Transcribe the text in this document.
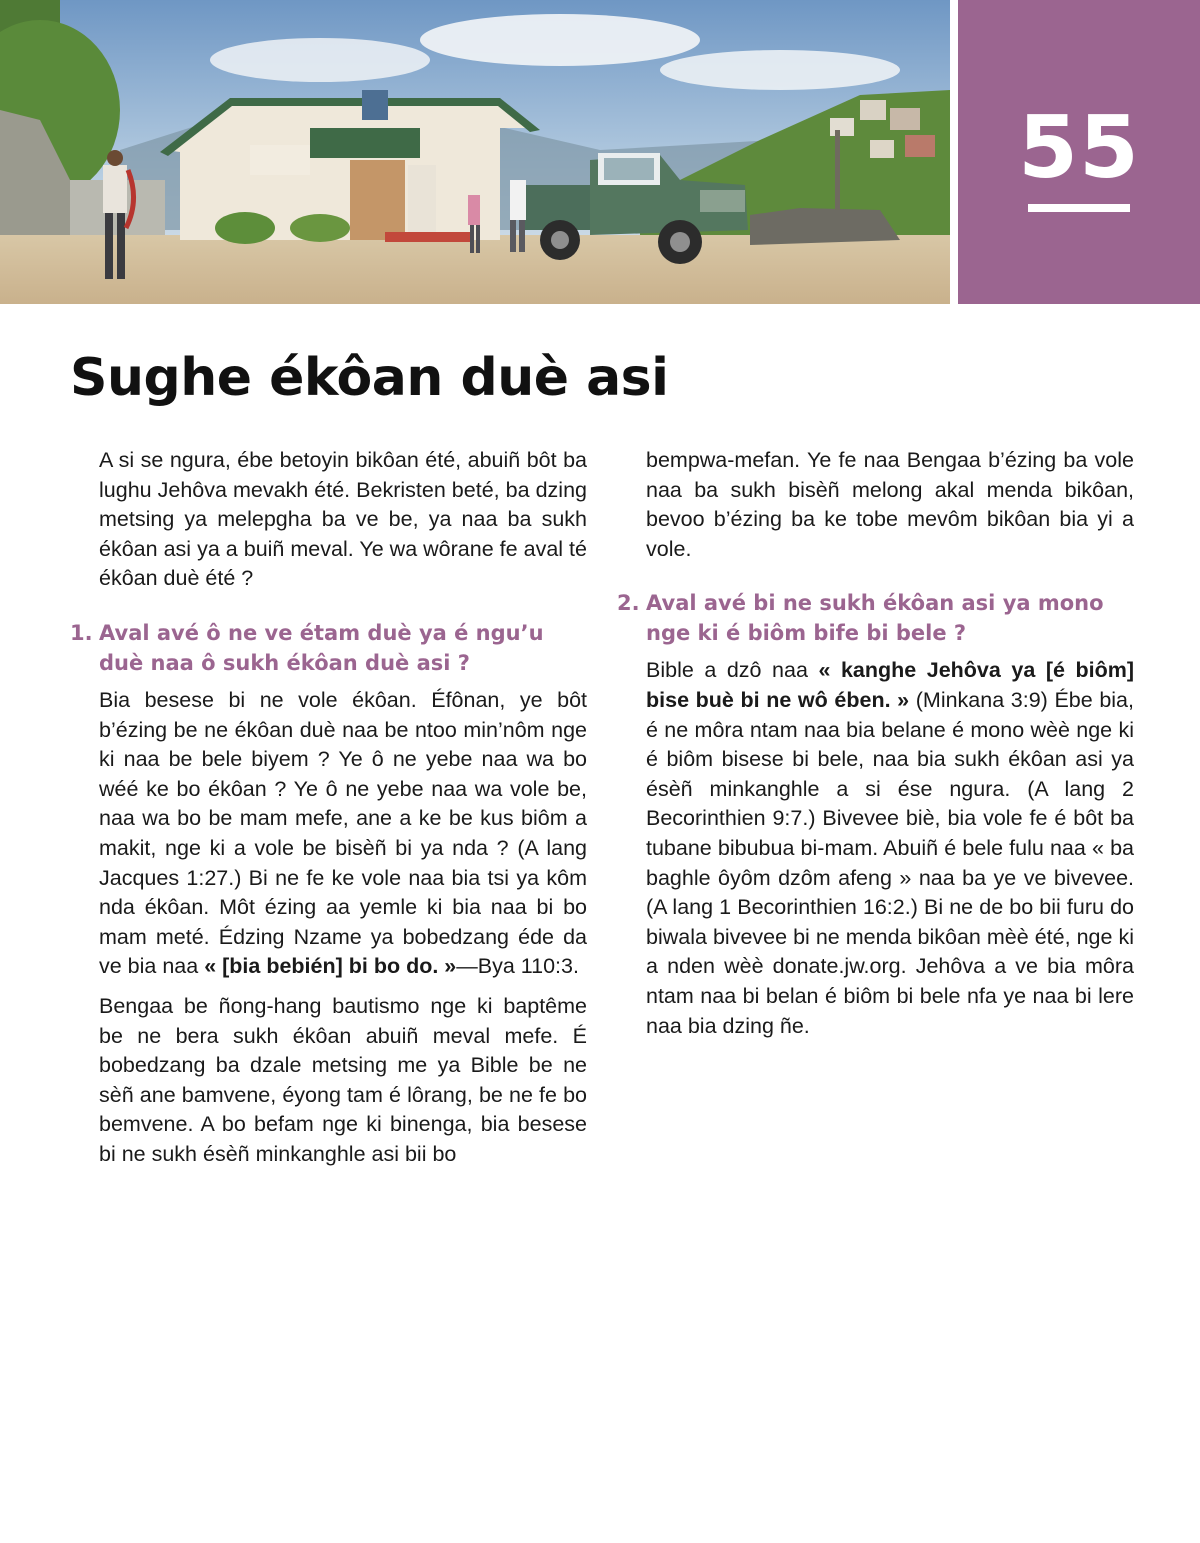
55
Sughe ékôan duè asi

A si se ngura, ébe betoyin bikôan été, abuiñ bôt ba lughu Jehôva mevakh été. Bekristen beté, ba dzing metsing ya melepgha ba ve be, ya naa ba sukh ékôan asi ya a buiñ meval. Ye wa wôrane fe aval té ékôan duè été ?

1. Aval avé ô ne ve étam duè ya é ngu’u duè naa ô sukh ékôan duè asi ?

Bia besese bi ne vole ékôan. Éfônan, ye bôt b’ézing be ne ékôan duè naa be ntoo min’nôm nge ki naa be bele biyem ? Ye ô ne yebe naa wa bo wéé ke bo ékôan ? Ye ô ne yebe naa wa vole be, naa wa bo be mam mefe, ane a ke be kus biôm a makit, nge ki a vole be bisèñ bi ya nda ? (A lang Jacques 1:27.) Bi ne fe ke vole naa bia tsi ya kôm nda ékôan. Môt ézing aa yemle ki bia naa bi bo mam meté. Édzing Nzame ya bobedzang éde da ve bia naa « [bia bebién] bi bo do. »—Bya 110:3.

Bengaa be ñong-hang bautismo nge ki baptême be ne bera sukh ékôan abuiñ meval mefe. É bobedzang ba dzale metsing me ya Bible be ne sèñ ane bamvene, éyong tam é lôrang, be ne fe bo bemvene. A bo befam nge ki binenga, bia besese bi ne sukh ésèñ minkanghle asi bii bo

bempwa-mefan. Ye fe naa Bengaa b’ézing ba vole naa ba sukh bisèñ melong akal menda bikôan, bevoo b’ézing ba ke tobe mevôm bikôan bia yi a vole.

2. Aval avé bi ne sukh ékôan asi ya mono nge ki é biôm bife bi bele ?

Bible a dzô naa « kanghe Jehôva ya [é biôm] bise buè bi ne wô ében. » (Minkana 3:9) Ébe bia, é ne môra ntam naa bia belane é mono wèè nge ki é biôm bisese bi bele, naa bia sukh ékôan asi ya ésèñ minkanghle a si ése ngura. (A lang 2 Becorinthien 9:7.) Bivevee biè, bia vole fe é bôt ba tubane bibubua bi-mam. Abuiñ é bele fulu naa « ba baghle ôyôm dzôm afeng » naa ba ye ve bivevee. (A lang 1 Becorinthien 16:2.) Bi ne de bo bii furu do biwala bivevee bi ne menda bikôan mèè été, nge ki a nden wèè donate.jw.org. Jehôva a ve bia môra ntam naa bi belan é biôm bi bele nfa ye naa bi lere naa bia dzing ñe.
